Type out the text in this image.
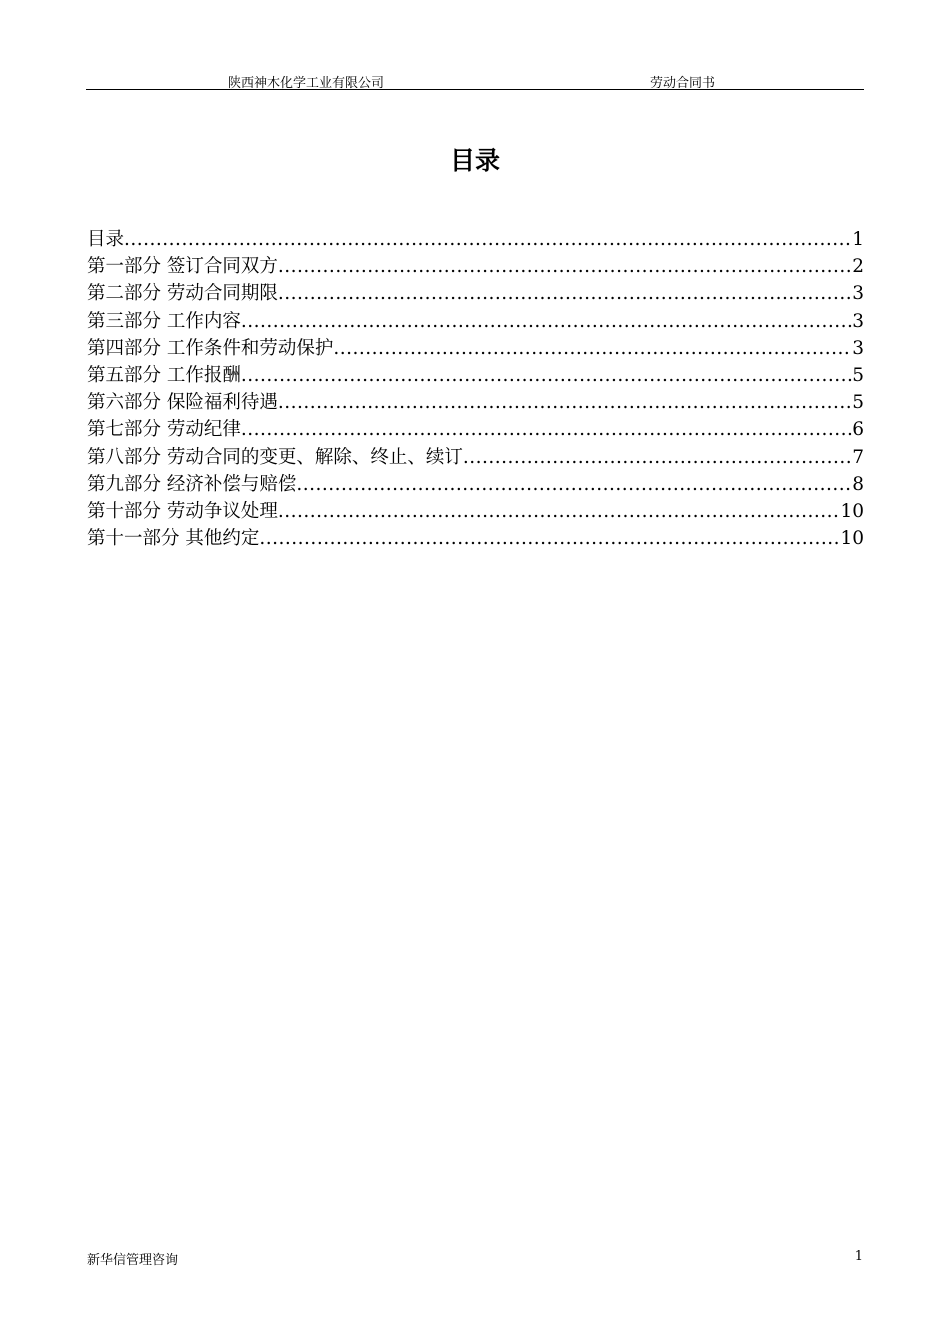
陕西神木化学工业有限公司	劳动合同书
目录
目录 .....	1
第一部分 签订合同双方 .....	2
第二部分 劳动合同期限 .....	3
第三部分 工作内容 .....	3
第四部分 工作条件和劳动保护 .....	3
第五部分 工作报酬 .....	5
第六部分 保险福利待遇 .....	5
第七部分 劳动纪律 .....	6
第八部分 劳动合同的变更、解除、终止、续订 .....	7
第九部分 经济补偿与赔偿 .....	8
第十部分 劳动争议处理 .....	10
第十一部分 其他约定 .....	10
新华信管理咨询	1
